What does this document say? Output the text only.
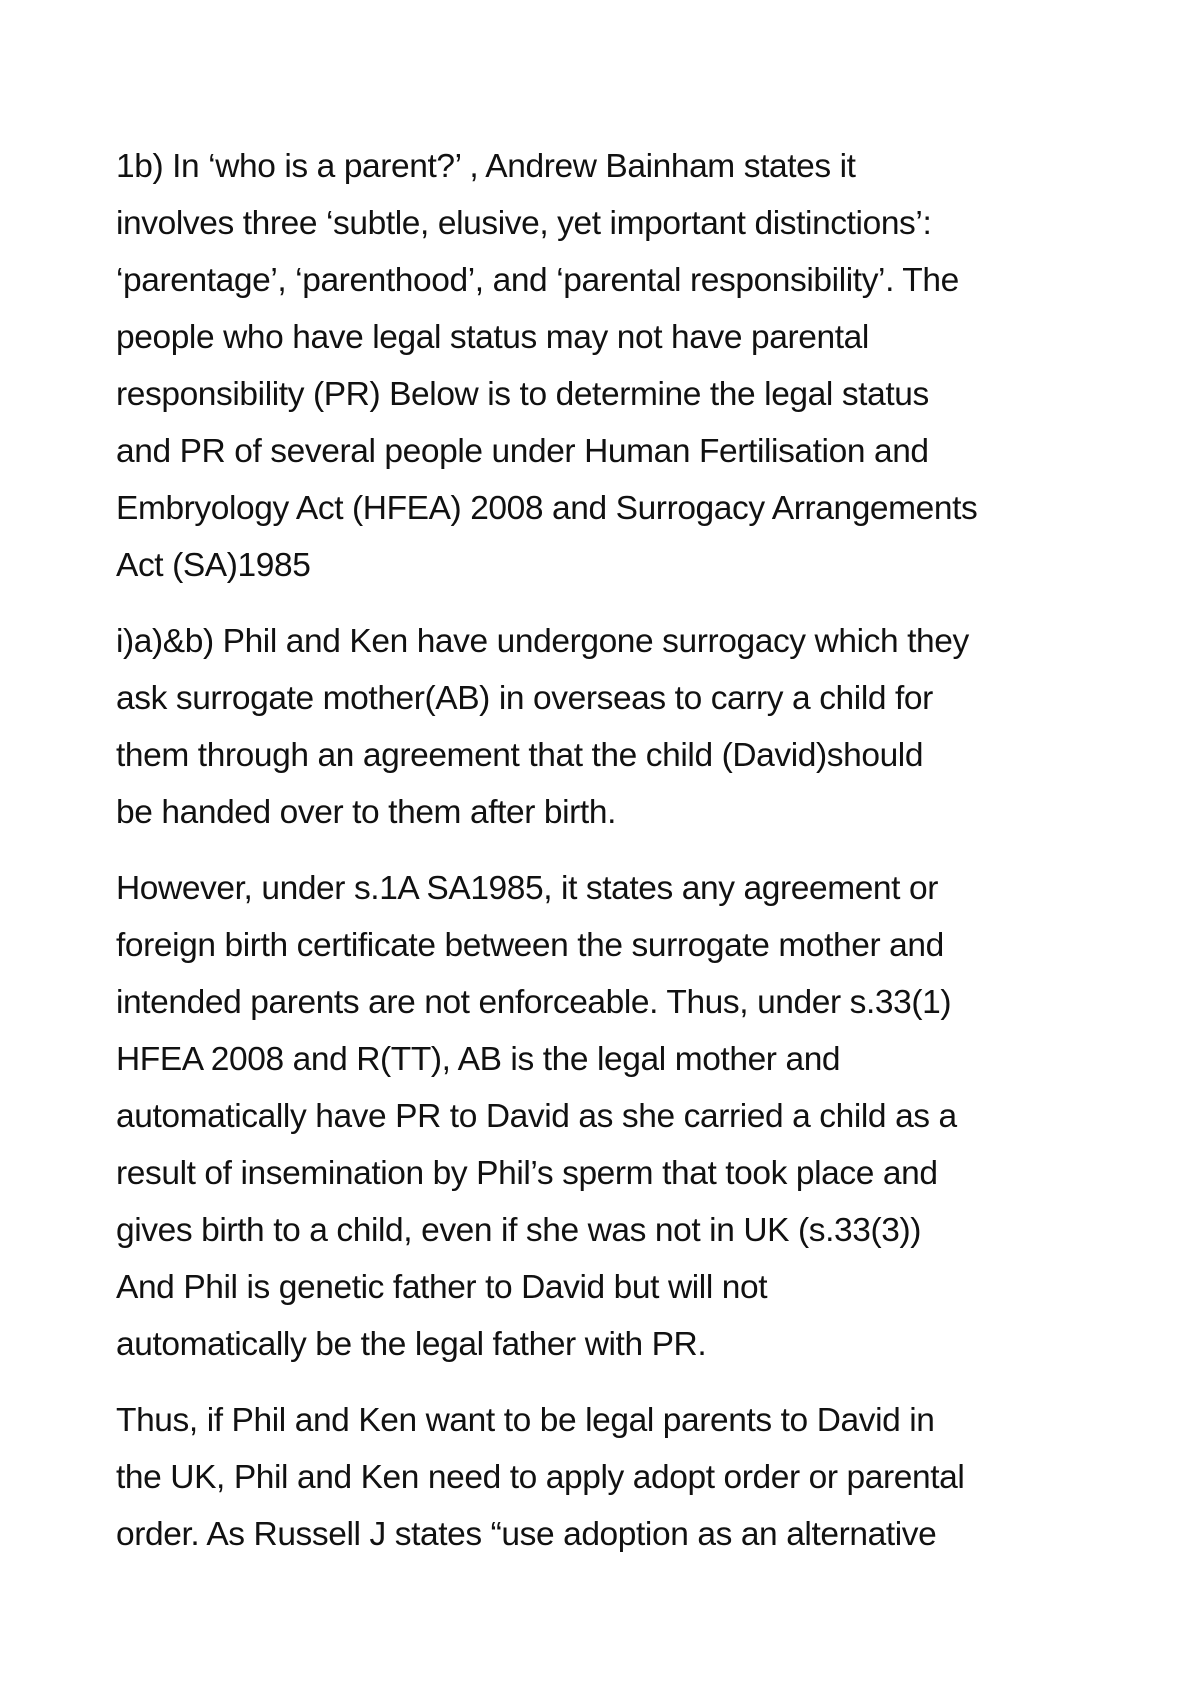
1b) In ‘who is a parent?’ , Andrew Bainham states it
involves three ‘subtle, elusive, yet important distinctions’:
‘parentage’, ‘parenthood’, and ‘parental responsibility’. The
people who have legal status may not have parental
responsibility (PR) Below is to determine the legal status
and PR of several people under Human Fertilisation and
Embryology Act (HFEA) 2008 and Surrogacy Arrangements
Act (SA)1985
i)a)&b) Phil and Ken have undergone surrogacy which they
ask surrogate mother(AB) in overseas to carry a child for
them through an agreement that the child (David)should
be handed over to them after birth.
However, under s.1A SA1985, it states any agreement or
foreign birth certificate between the surrogate mother and
intended parents are not enforceable. Thus, under s.33(1)
HFEA 2008 and R(TT), AB is the legal mother and
automatically have PR to David as she carried a child as a
result of insemination by Phil’s sperm that took place and
gives birth to a child, even if she was not in UK (s.33(3))
And Phil is genetic father to David but will not
automatically be the legal father with PR.
Thus, if Phil and Ken want to be legal parents to David in
the UK, Phil and Ken need to apply adopt order or parental
order. As Russell J states “use adoption as an alternative
